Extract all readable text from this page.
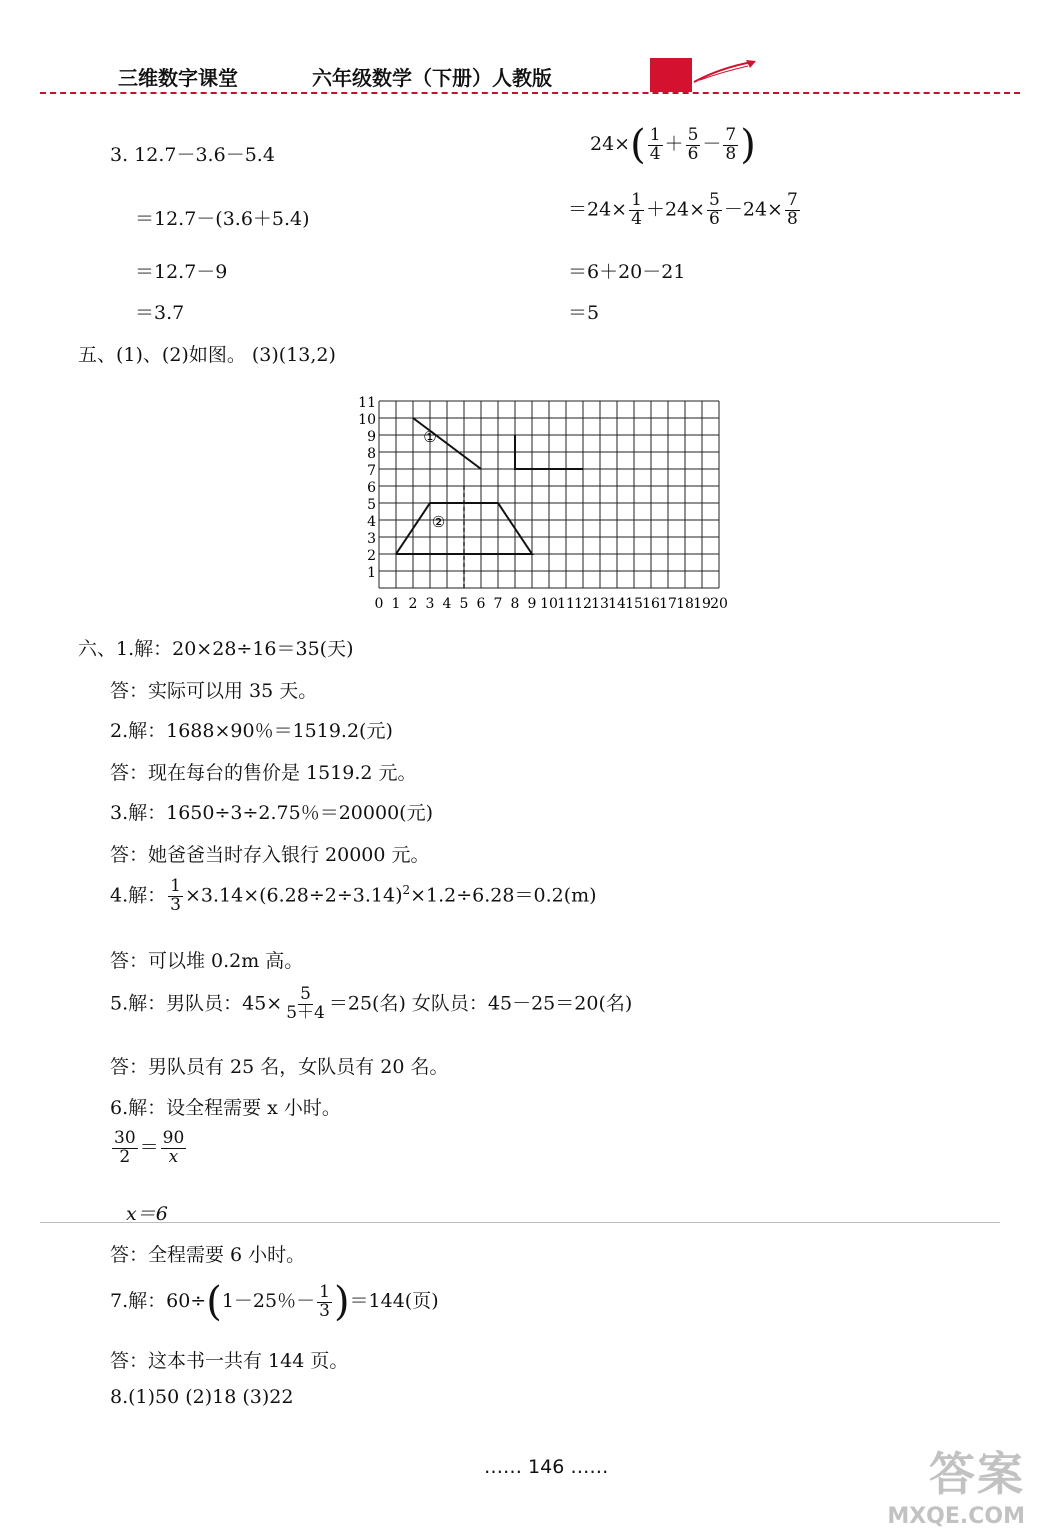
三维数字课堂	六年级数学（下册）人教版
3. 12.7－3.6－5.4
＝12.7－(3.6＋5.4)
＝12.7－9
＝3.7
$24\times( \frac{1}{4} + \frac{5}{6} - \frac{7}{8}$ )
$=24\times \frac{1}{4} +24\times \frac{5}{6} -24\times \frac{7}{8}$
＝6＋20－21
＝5
五、(1)、(2)如图。 (3)(13,2)
1
2
3
4
5
6
7
8
9
10
11
0 1 2 3 4 5 6 7 8 9 10 11 12 13 14 15 16 17 18 19 20
①
②
六、1.解：20×28÷16＝35(天)
答：实际可以用 35 天。
2.解：1688×90％＝1519.2(元)
答：现在每台的售价是 1519.2 元。
3.解：1650÷3÷2.75％＝20000(元)
答：她爸爸当时存入银行 20000 元。
4.解： $\frac{1}{3} \times 3.14\times(6.28\div 2\div 3.14)^2\times 1.2\div 6.28=0.2(m)$
答：可以堆 0.2m 高。
5.解：男队员：$45\times \frac{5}{5+4} =25$(名) 女队员：45－25＝20(名)
答：男队员有 25 名，女队员有 20 名。
6.解：设全程需要 x 小时。
$\frac{30}{2} = \frac{90}{x}$
x＝6
答：全程需要 6 小时。
7.解：60÷(1－25％－ $\frac{1}{3} )=144$(页)
答：这本书一共有 144 页。
8.(1)50 (2)18 (3)22
…… 146 ……	答案
MXQE.COM
